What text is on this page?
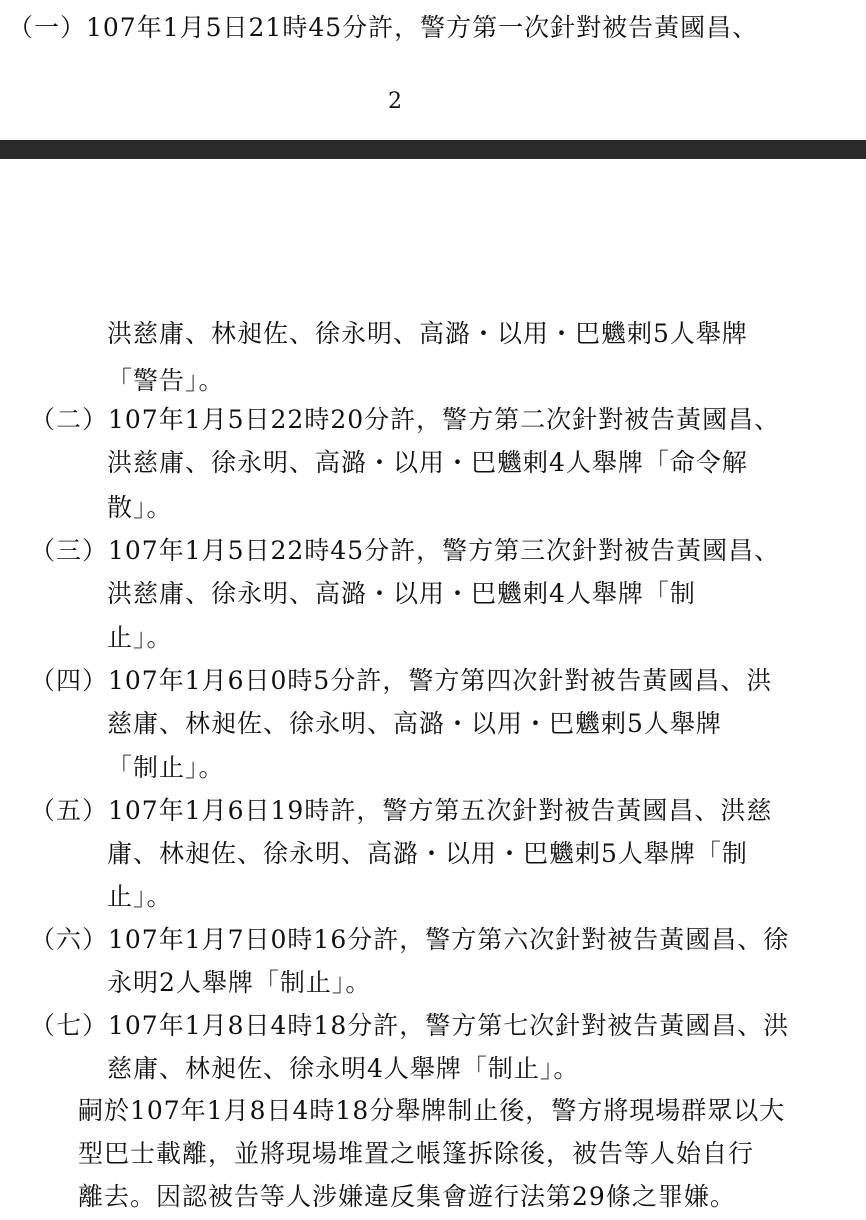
（一）107年1月5日21時45分許，警方第一次針對被告黃國昌、
2
洪慈庸、林昶佐、徐永明、高潞・以用・巴魕剌5人舉牌
「警告」。
（二）107年1月5日22時20分許，警方第二次針對被告黃國昌、
洪慈庸、徐永明、高潞・以用・巴魕剌4人舉牌「命令解
散」。
（三）107年1月5日22時45分許，警方第三次針對被告黃國昌、
洪慈庸、徐永明、高潞・以用・巴魕剌4人舉牌「制
止」。
（四）107年1月6日0時5分許，警方第四次針對被告黃國昌、洪
慈庸、林昶佐、徐永明、高潞・以用・巴魕剌5人舉牌
「制止」。
（五）107年1月6日19時許，警方第五次針對被告黃國昌、洪慈
庸、林昶佐、徐永明、高潞・以用・巴魕剌5人舉牌「制
止」。
（六）107年1月7日0時16分許，警方第六次針對被告黃國昌、徐
永明2人舉牌「制止」。
（七）107年1月8日4時18分許，警方第七次針對被告黃國昌、洪
慈庸、林昶佐、徐永明4人舉牌「制止」。
嗣於107年1月8日4時18分舉牌制止後，警方將現場群眾以大
型巴士載離，並將現場堆置之帳篷拆除後，被告等人始自行
離去。因認被告等人涉嫌違反集會遊行法第29條之罪嫌。
